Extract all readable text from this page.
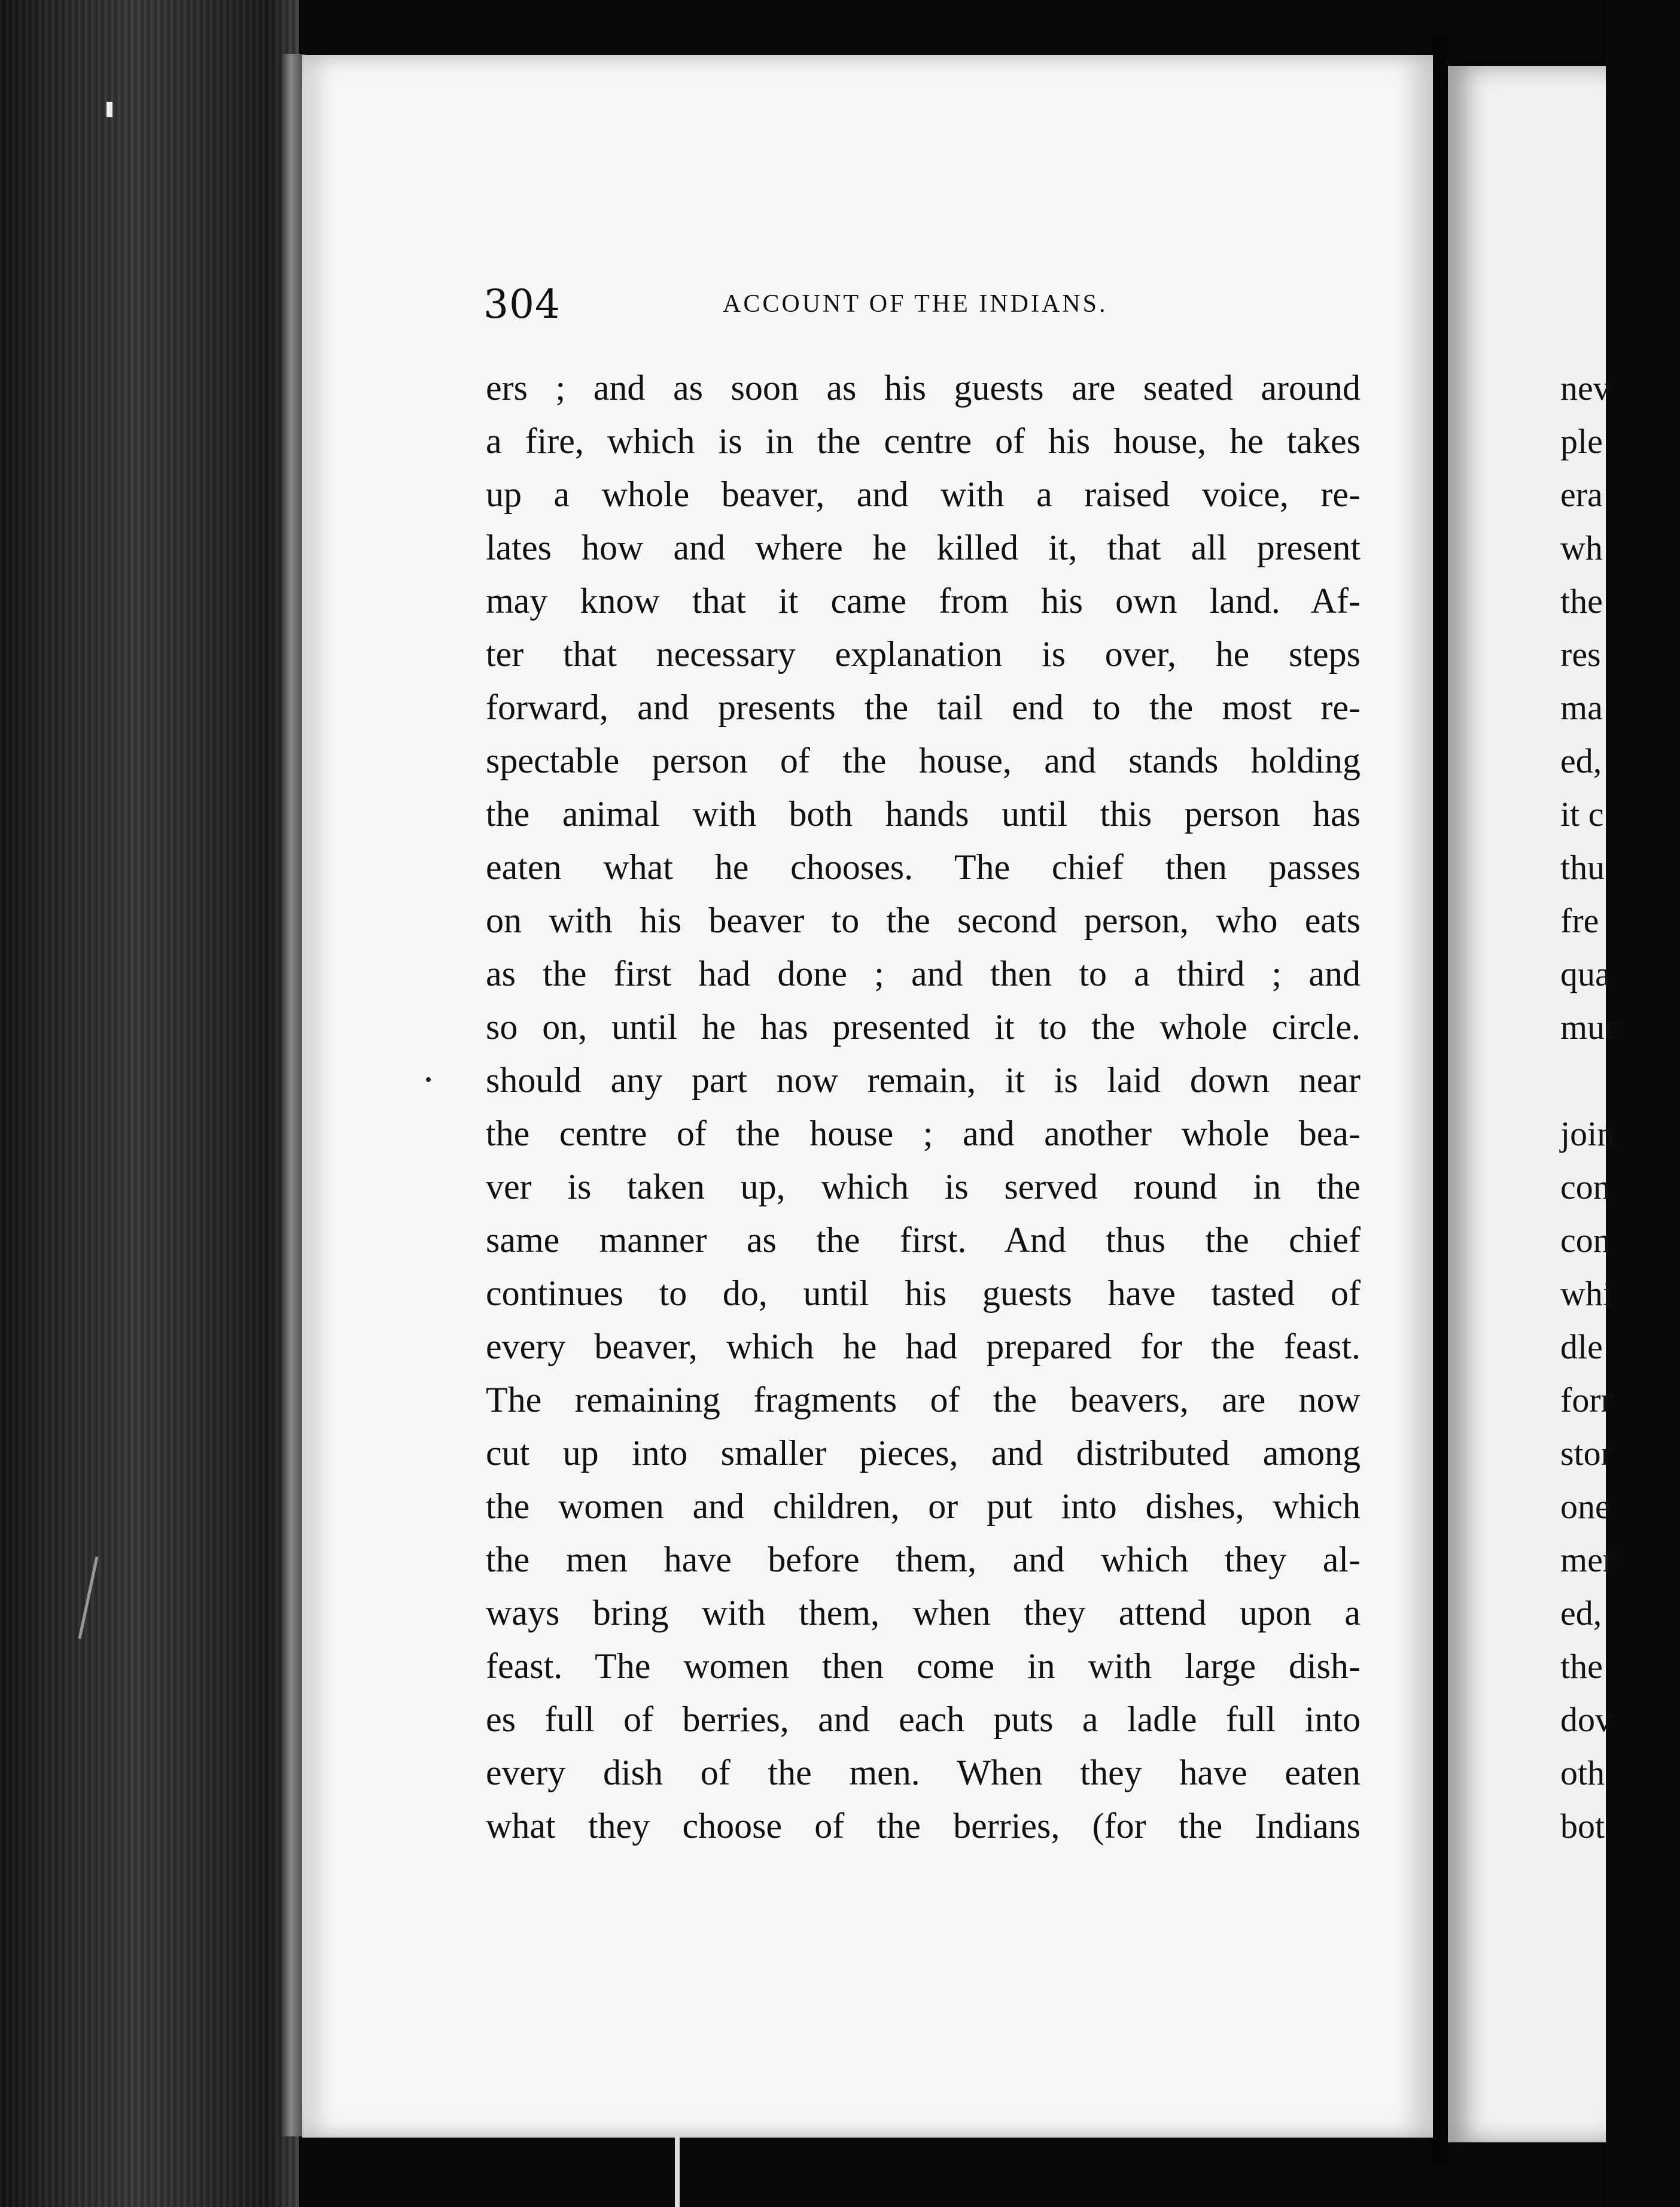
304	ACCOUNT OF THE INDIANS.
ers ; and as soon as his guests are seated around
a fire, which is in the centre of his house, he takes
up a whole beaver, and with a raised voice, re-
lates how and where he killed it, that all present
may know that it came from his own land. Af-
ter that necessary explanation is over, he steps
forward, and presents the tail end to the most re-
spectable person of the house, and stands holding
the animal with both hands until this person has
eaten what he chooses. The chief then passes
on with his beaver to the second person, who eats
as the first had done ; and then to a third ; and
so on, until he has presented it to the whole circle.
should any part now remain, it is laid down near
the centre of the house ; and another whole bea-
ver is taken up, which is served round in the
same manner as the first. And thus the chief
continues to do, until his guests have tasted of
every beaver, which he had prepared for the feast.
The remaining fragments of the beavers, are now
cut up into smaller pieces, and distributed among
the women and children, or put into dishes, which
the men have before them, and which they al-
ways bring with them, when they attend upon a
feast. The women then come in with large dish-
es full of berries, and each puts a ladle full into
every dish of the men. When they have eaten
what they choose of the berries, (for the Indians
nev
ple
era
wh
the
res
ma
ed,
it c
thu
fre
qua
muc
join
con
con
whi
dle
forr
stor
one
mer
ed,
the
dov
oth
bot
